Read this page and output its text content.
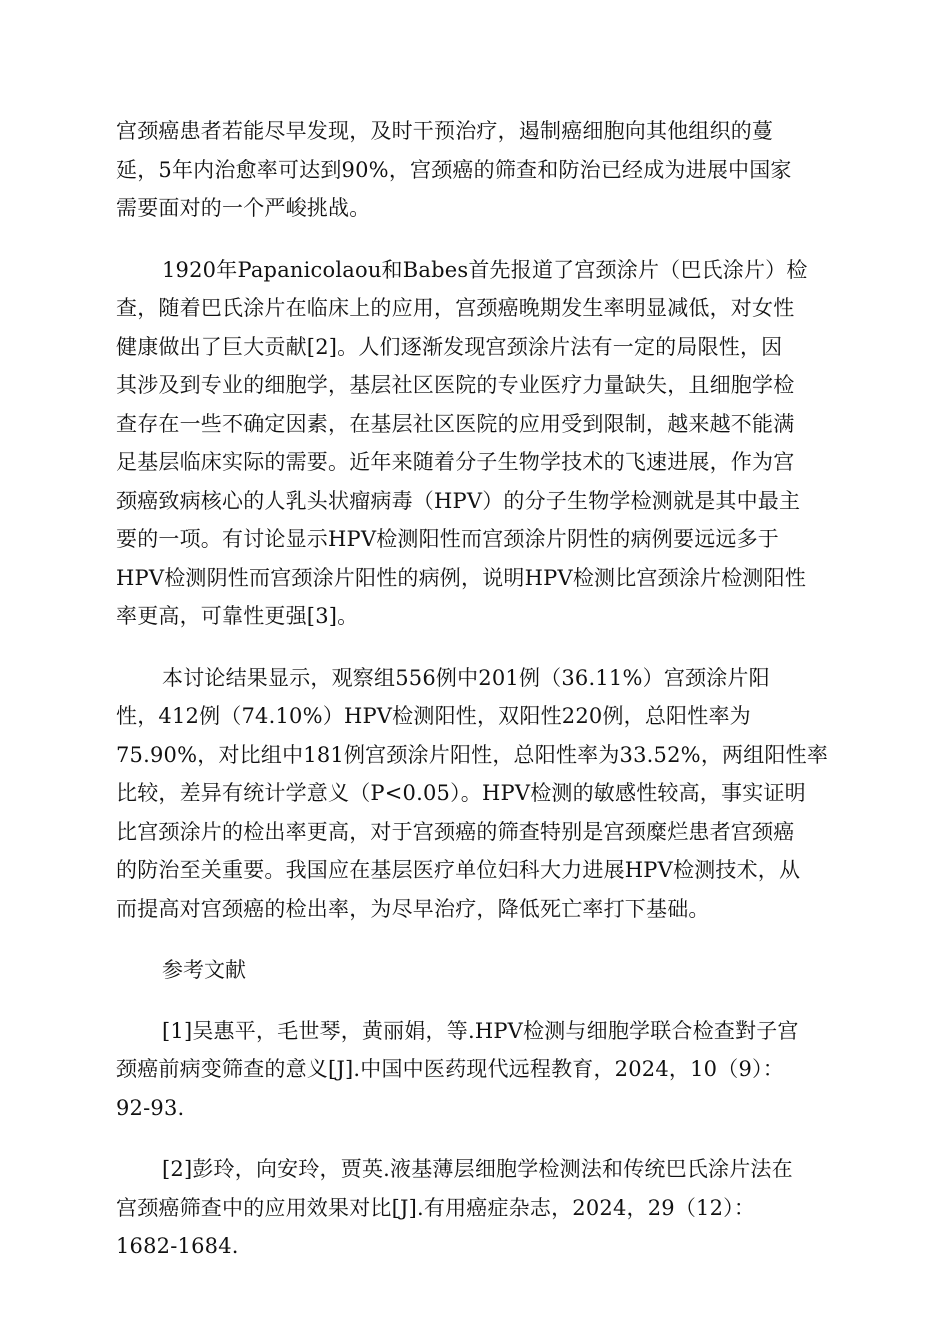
宫颈癌患者若能尽早发现，及时干预治疗，遏制癌细胞向其他组织的蔓
延，5年内治愈率可达到90%，宫颈癌的筛查和防治已经成为进展中国家
需要面对的一个严峻挑战。
1920年Papanicolaou和Babes首先报道了宫颈涂片（巴氏涂片）检
查，随着巴氏涂片在临床上的应用，宫颈癌晚期发生率明显减低，对女性
健康做出了巨大贡献[2]。人们逐渐发现宫颈涂片法有一定的局限性，因
其涉及到专业的细胞学，基层社区医院的专业医疗力量缺失，且细胞学检
查存在一些不确定因素，在基层社区医院的应用受到限制，越来越不能满
足基层临床实际的需要。近年来随着分子生物学技术的飞速进展，作为宫
颈癌致病核心的人乳头状瘤病毒（HPV）的分子生物学检测就是其中最主
要的一项。有讨论显示HPV检测阳性而宫颈涂片阴性的病例要远远多于
HPV检测阴性而宫颈涂片阳性的病例，说明HPV检测比宫颈涂片检测阳性
率更高，可靠性更强[3]。
本讨论结果显示，观察组556例中201例（36.11%）宫颈涂片阳
性，412例（74.10%）HPV检测阳性，双阳性220例，总阳性率为
75.90%，对比组中181例宫颈涂片阳性，总阳性率为33.52%，两组阳性率
比较，差异有统计学意义（P<0.05）。HPV检测的敏感性较高，事实证明
比宫颈涂片的检出率更高，对于宫颈癌的筛查特别是宫颈糜烂患者宫颈癌
的防治至关重要。我国应在基层医疗单位妇科大力进展HPV检测技术，从
而提高对宫颈癌的检出率，为尽早治疗，降低死亡率打下基础。
参考文献
[1]吴惠平，毛世琴，黄丽娟，等.HPV检测与细胞学联合检查對子宫
颈癌前病变筛查的意义[J].中国中医药现代远程教育，2024，10（9）：
92-93.
[2]彭玲，向安玲，贾英.液基薄层细胞学检测法和传统巴氏涂片法在
宫颈癌筛查中的应用效果对比[J].有用癌症杂志，2024，29（12）：
1682-1684.
